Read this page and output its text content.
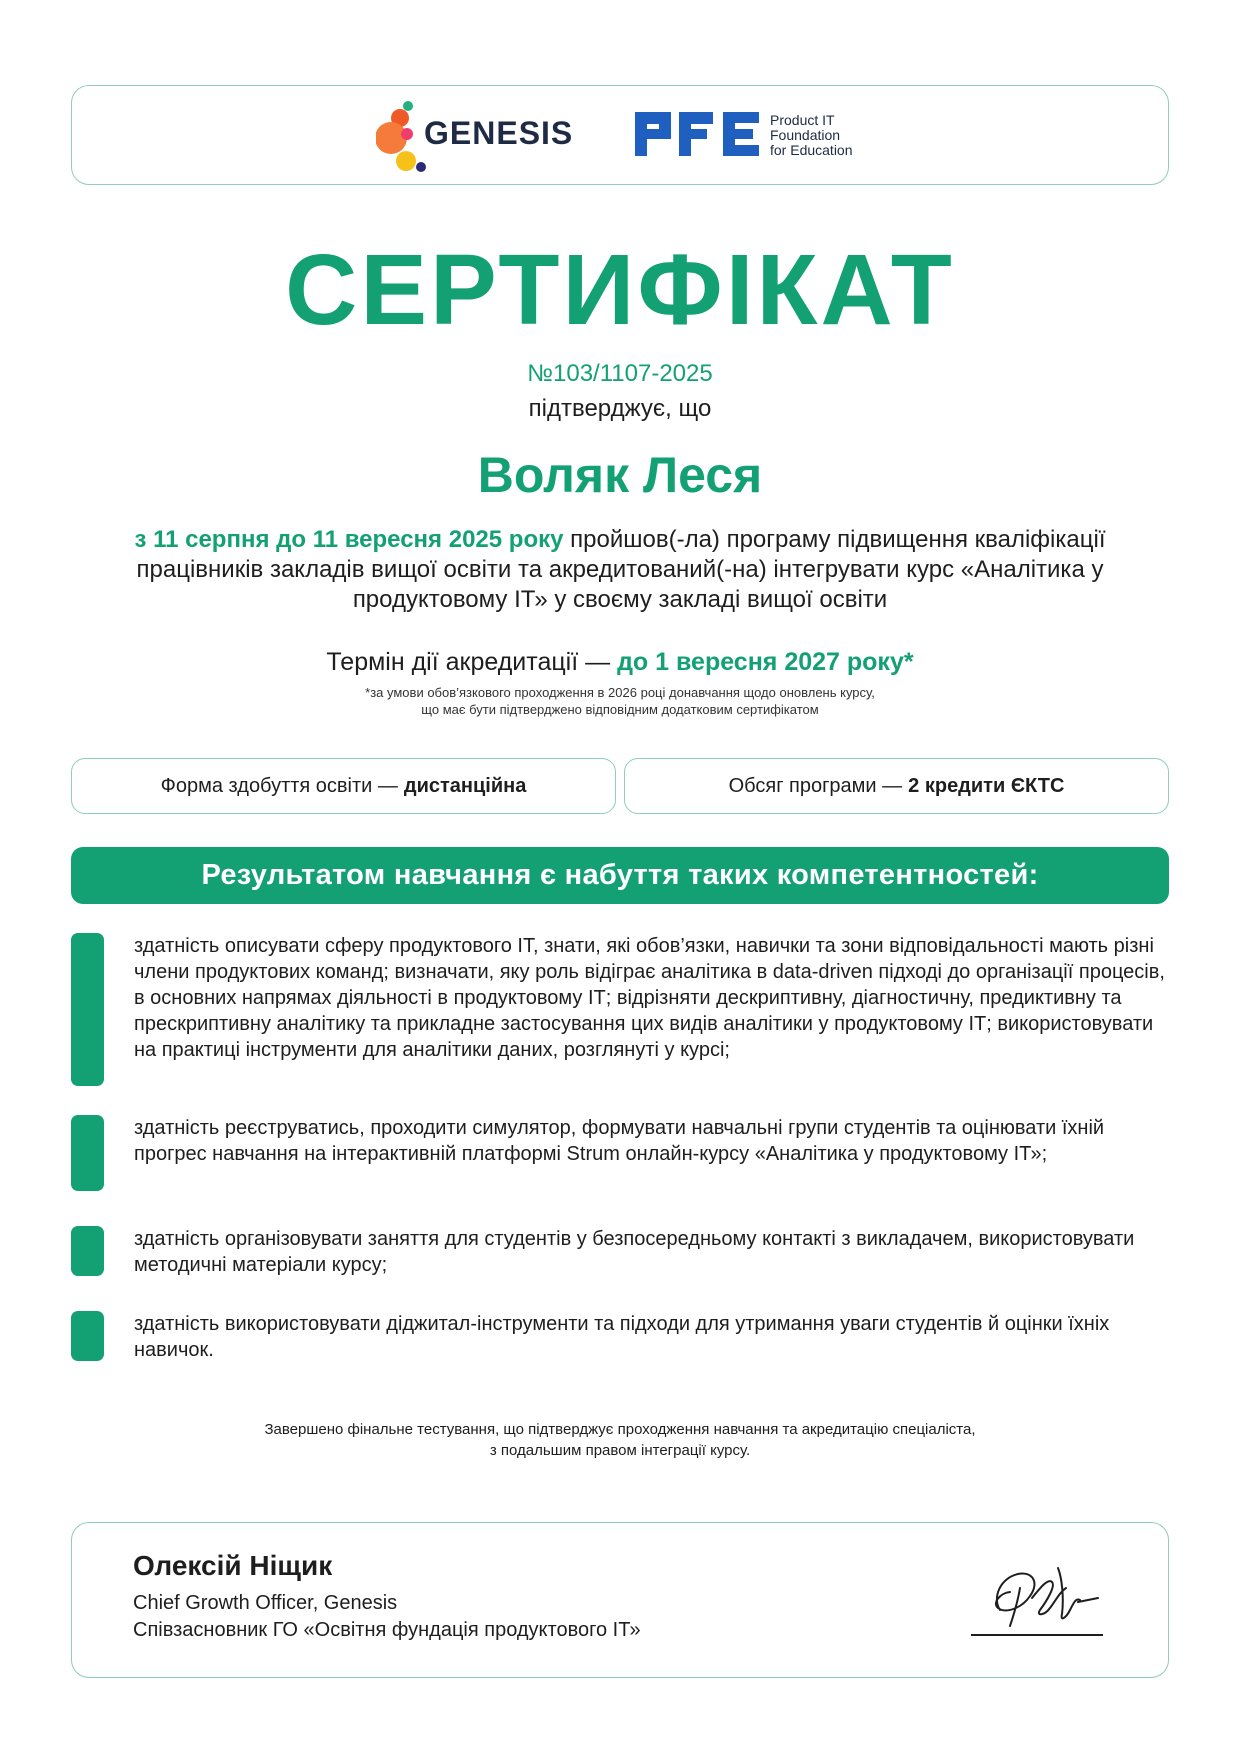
GENESIS	Product IT
Foundation
for Education
СЕРТИФІКАТ
№103/1107-2025
підтверджує, що
Воляк Леся
з 11 серпня до 11 вересня 2025 року пройшов(-ла) програму підвищення кваліфікації працівників закладів вищої освіти та акредитований(-на) інтегрувати курс «Аналітика у продуктовому ІТ» у своєму закладі вищої освіти
Термін дії акредитації — до 1 вересня 2027 року*
*за умови обов’язкового проходження в 2026 році донавчання щодо оновлень курсу,
що має бути підтверджено відповідним додатковим сертифікатом
Форма здобуття освіти — дистанційна	Обсяг програми — 2 кредити ЄКТС
Результатом навчання є набуття таких компетентностей:
здатність описувати сферу продуктового ІТ, знати, які обов’язки, навички та зони відповідальності мають різні члени продуктових команд; визначати, яку роль відіграє аналітика в data-driven підході до організації процесів, в основних напрямах діяльності в продуктовому ІТ; відрізняти дескриптивну, діагностичну, предиктивну та прескриптивну аналітику та прикладне застосування цих видів аналітики у продуктовому ІТ; використовувати на практиці інструменти для аналітики даних, розглянуті у курсі;
здатність реєструватись, проходити симулятор, формувати навчальні групи студентів та оцінювати їхній прогрес навчання на інтерактивній платформі Strum онлайн-курсу «Аналітика у продуктовому ІТ»;
здатність організовувати заняття для студентів у безпосередньому контакті з викладачем, використовувати методичні матеріали курсу;
здатність використовувати діджитал-інструменти та підходи для утримання уваги студентів й оцінки їхніх навичок.
Завершено фінальне тестування, що підтверджує проходження навчання та акредитацію спеціаліста,
з подальшим правом інтеграції курсу.
Олексій Ніщик
Chief Growth Officer, Genesis
Співзасновник ГО «Освітня фундація продуктового ІТ»
